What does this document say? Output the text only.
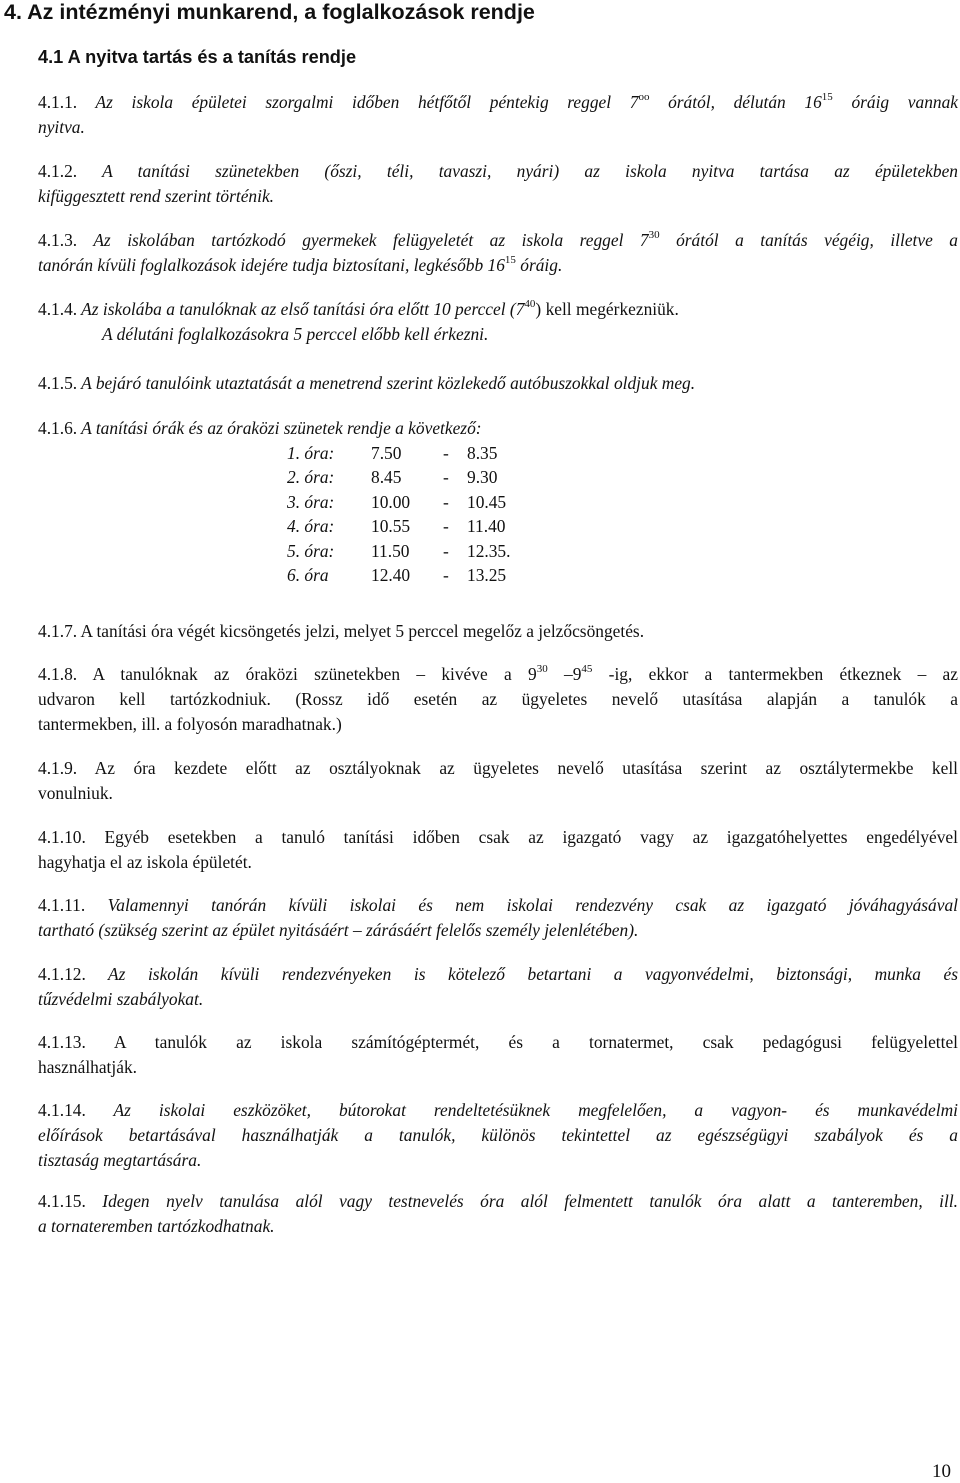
4. Az intézményi munkarend, a foglalkozások rendje
4.1 A nyitva tartás és a tanítás rendje
4.1.1. Az iskola épületei szorgalmi időben hétfőtől péntekig reggel $7^{oo}$ órától, délután $16^{15}$ óráig vannak
nyitva.
4.1.2. A tanítási szünetekben (őszi, téli, tavaszi, nyári) az iskola nyitva tartása az épületekben
kifüggesztett rend szerint történik.
4.1.3. Az iskolában tartózkodó gyermekek felügyeletét az iskola reggel $7^{30}$ órától a tanítás végéig, illetve a
tanórán kívüli foglalkozások idejére tudja biztosítani, legkésőbb $16^{15}$ óráig.
4.1.4. Az iskolába a tanulóknak az első tanítási óra előtt 10 perccel $(7^{40})$ kell megérkezniük.
A délutáni foglalkozásokra 5 perccel előbb kell érkezni.
4.1.5. A bejáró tanulóink utaztatását a menetrend szerint közlekedő autóbuszokkal oldjuk meg.
4.1.6. A tanítási órák és az óraközi szünetek rendje a következő:
1. óra:	7.50	-	8.35
2. óra:	8.45	-	9.30
3. óra:	10.00	-	10.45
4. óra:	10.55	-	11.40
5. óra:	11.50	-	12.35.
6. óra	12.40	-	13.25
4.1.7. A tanítási óra végét kicsöngetés jelzi, melyet 5 perccel megelőz a jelzőcsöngetés.
4.1.8. A tanulóknak az óraközi szünetekben – kivéve a $9^{30}$ $-9^{45}$ -ig, ekkor a tantermekben étkeznek – az
udvaron kell tartózkodniuk. (Rossz idő esetén az ügyeletes nevelő utasítása alapján a tanulók a
tantermekben, ill. a folyosón maradhatnak.)
4.1.9. Az óra kezdete előtt az osztályoknak az ügyeletes nevelő utasítása szerint az osztálytermekbe kell
vonulniuk.
4.1.10. Egyéb esetekben a tanuló tanítási időben csak az igazgató vagy az igazgatóhelyettes engedélyével
hagyhatja el az iskola épületét.
4.1.11. Valamennyi tanórán kívüli iskolai és nem iskolai rendezvény csak az igazgató jóváhagyásával
tartható (szükség szerint az épület nyitásáért – zárásáért felelős személy jelenlétében).
4.1.12. Az iskolán kívüli rendezvényeken is kötelező betartani a vagyonvédelmi, biztonsági, munka és
tűzvédelmi szabályokat.
4.1.13. A tanulók az iskola számítógéptermét, és a tornatermet, csak pedagógusi felügyelettel
használhatják.
4.1.14. Az iskolai eszközöket, bútorokat rendeltetésüknek megfelelően, a vagyon- és munkavédelmi
előírások betartásával használhatják a tanulók, különös tekintettel az egészségügyi szabályok és a
tisztaság megtartására.
4.1.15. Idegen nyelv tanulása alól vagy testnevelés óra alól felmentett tanulók óra alatt a tanteremben, ill.
a tornateremben tartózkodhatnak.
10
